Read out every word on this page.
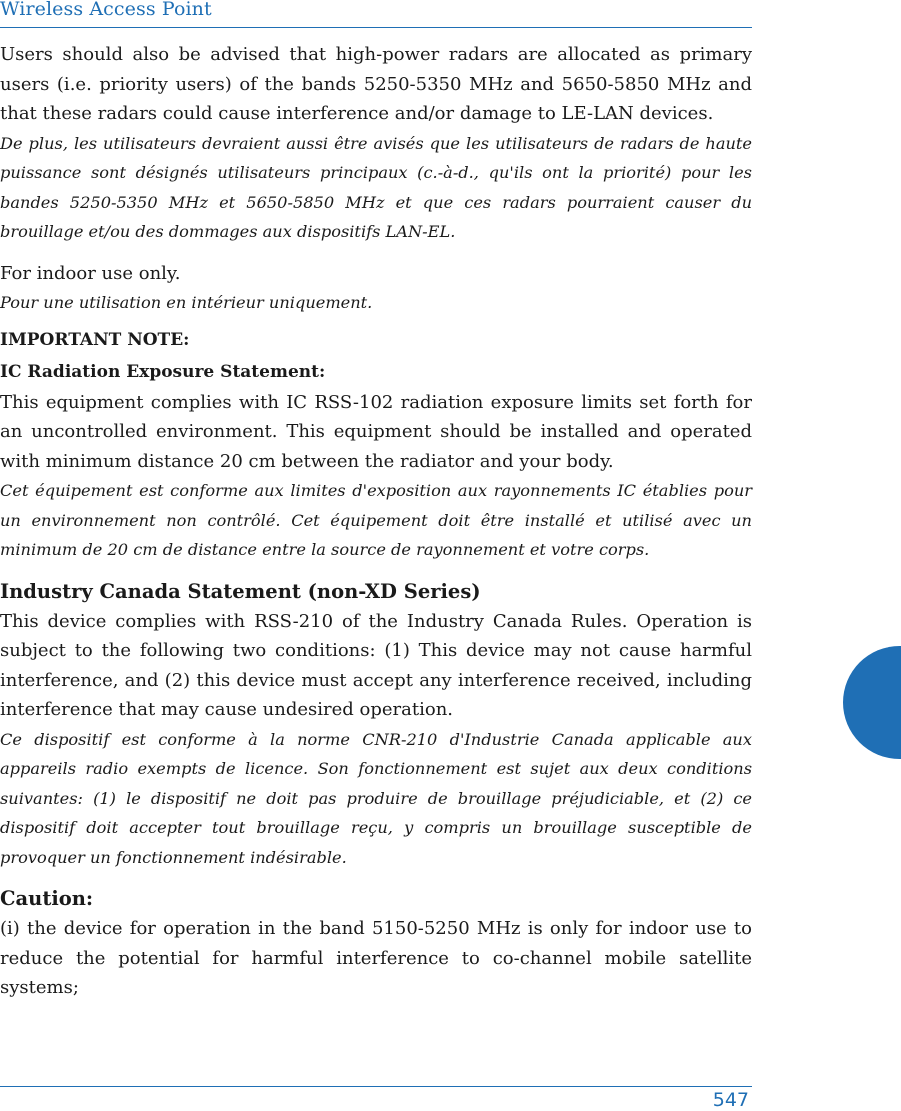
Wireless Access Point

Users should also be advised that high-power radars are allocated as primary users (i.e. priority users) of the bands 5250-5350 MHz and 5650-5850 MHz and that these radars could cause interference and/or damage to LE-LAN devices.

De plus, les utilisateurs devraient aussi être avisés que les utilisateurs de radars de haute puissance sont désignés utilisateurs principaux (c.-à-d., qu'ils ont la priorité) pour les bandes 5250-5350 MHz et 5650-5850 MHz et que ces radars pourraient causer du brouillage et/ou des dommages aux dispositifs LAN-EL.

For indoor use only.

Pour une utilisation en intérieur uniquement.

IMPORTANT NOTE:

IC Radiation Exposure Statement:

This equipment complies with IC RSS-102 radiation exposure limits set forth for an uncontrolled environment. This equipment should be installed and operated with minimum distance 20 cm between the radiator and your body.

Cet équipement est conforme aux limites d'exposition aux rayonnements IC établies pour un environnement non contrôlé. Cet équipement doit être installé et utilisé avec un minimum de 20 cm de distance entre la source de rayonnement et votre corps.

Industry Canada Statement (non-XD Series)

This device complies with RSS-210 of the Industry Canada Rules. Operation is subject to the following two conditions: (1) This device may not cause harmful interference, and (2) this device must accept any interference received, including interference that may cause undesired operation.

Ce dispositif est conforme à la norme CNR-210 d'Industrie Canada applicable aux appareils radio exempts de licence. Son fonctionnement est sujet aux deux conditions suivantes: (1) le dispositif ne doit pas produire de brouillage préjudiciable, et (2) ce dispositif doit accepter tout brouillage reçu, y compris un brouillage susceptible de provoquer un fonctionnement indésirable.

Caution:

(i) the device for operation in the band 5150-5250 MHz is only for indoor use to reduce the potential for harmful interference to co-channel mobile satellite systems;

547
